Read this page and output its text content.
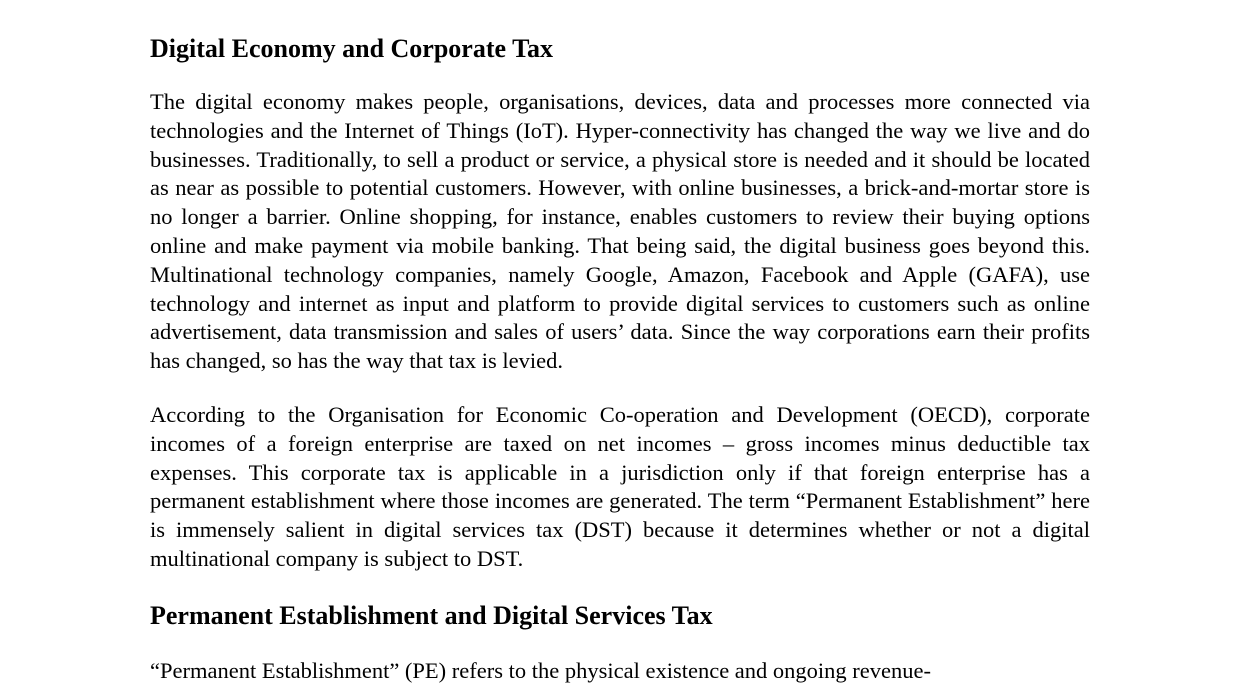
Digital Economy and Corporate Tax

The digital economy makes people, organisations, devices, data and processes more connected via technologies and the Internet of Things (IoT). Hyper-connectivity has changed the way we live and do businesses. Traditionally, to sell a product or service, a physical store is needed and it should be located as near as possible to potential customers. However, with online businesses, a brick-and-mortar store is no longer a barrier. Online shopping, for instance, enables customers to review their buying options online and make payment via mobile banking. That being said, the digital business goes beyond this. Multinational technology companies, namely Google, Amazon, Facebook and Apple (GAFA), use technology and internet as input and platform to provide digital services to customers such as online advertisement, data transmission and sales of users’ data. Since the way corporations earn their profits has changed, so has the way that tax is levied.

According to the Organisation for Economic Co-operation and Development (OECD), corporate incomes of a foreign enterprise are taxed on net incomes – gross incomes minus deductible tax expenses. This corporate tax is applicable in a jurisdiction only if that foreign enterprise has a permanent establishment where those incomes are generated. The term “Permanent Establishment” here is immensely salient in digital services tax (DST) because it determines whether or not a digital multinational company is subject to DST.

Permanent Establishment and Digital Services Tax

“Permanent Establishment” (PE) refers to the physical existence and ongoing revenue-
